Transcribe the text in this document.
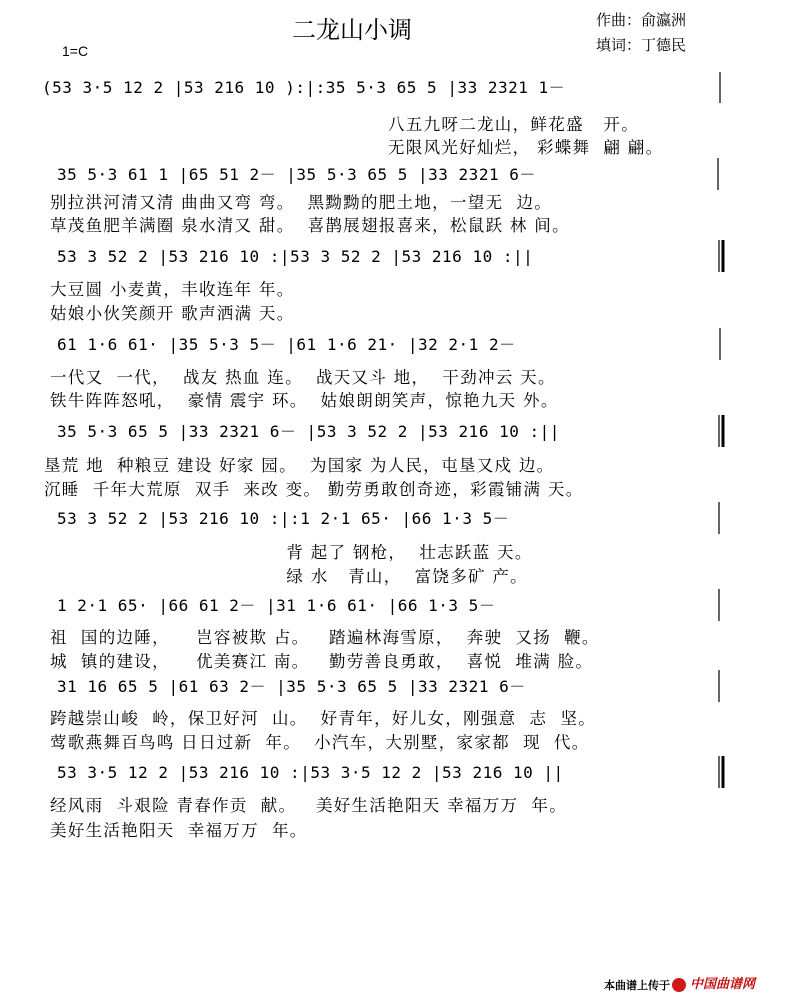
二龙山小调	作曲：俞瀛洲
填词：丁德民
1=C
(53 3·5 12 2 |53 216 10 ):|:35 5·3 65 5 |33 2321 1－
八五九呀二龙山，鲜花盛   开。
无限风光好灿烂， 彩蝶舞  翩 翩。
35 5·3 61 1 |65 51 2－ |35 5·3 65 5 |33 2321 6－
别拉洪河清又清 曲曲又弯 弯。  黑黝黝的肥土地，一望无  边。
草茂鱼肥羊满圈 泉水清又 甜。  喜鹊展翅报喜来，松鼠跃 林 间。
53 3 52 2 |53 216 10 :|53 3 52 2 |53 216 10 :||
大豆圆 小麦黄，丰收连年 年。
姑娘小伙笑颜开 歌声洒满 天。
61 1·6 61· |35 5·3 5－ |61 1·6 21· |32 2·1 2－
一代又  一代，  战友 热血 连。  战天又斗 地，  干劲冲云 天。
铁牛阵阵怒吼，  豪情 震宇 环。  姑娘朗朗笑声，惊艳九天 外。
35 5·3 65 5 |33 2321 6－ |53 3 52 2 |53 216 10 :||
垦荒 地  种粮豆 建设 好家 园。  为国家 为人民，屯垦又戍 边。
沉睡  千年大荒原  双手  来改 变。 勤劳勇敢创奇迹，彩霞铺满 天。
53 3 52 2 |53 216 10 :|:1 2·1 65· |66 1·3 5－
背 起了 钢枪，  壮志跃蓝 天。
绿 水   青山，  富饶多矿 产。
1 2·1 65· |66 61 2－ |31 1·6 61· |66 1·3 5－
祖  国的边陲，    岂容被欺 占。   踏遍林海雪原，  奔驶  又扬  鞭。
城  镇的建设，    优美赛江 南。   勤劳善良勇敢，  喜悦  堆满 脸。
31 16 65 5 |61 63 2－ |35 5·3 65 5 |33 2321 6－
跨越崇山峻  岭，保卫好河  山。  好青年，好儿女，刚强意  志  坚。
莺歌燕舞百鸟鸣 日日过新  年。  小汽车，大别墅，家家都  现  代。
53 3·5 12 2 |53 216 10 :|53 3·5 12 2 |53 216 10 ||
经风雨  斗艰险 青春作贡  献。   美好生活艳阳天 幸福万万  年。
美好生活艳阳天  幸福万万  年。
本曲谱上传于 中国曲谱网
